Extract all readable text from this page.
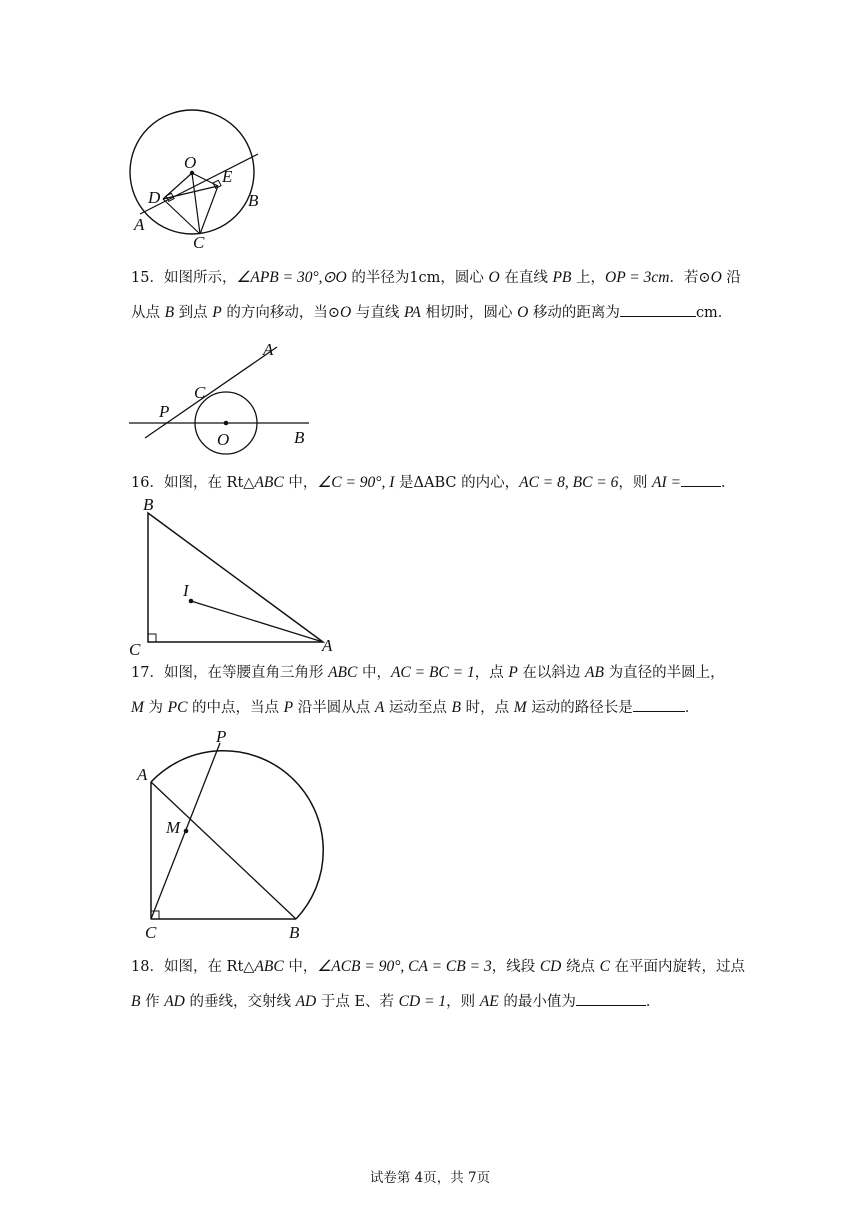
O
E
D	B
A
C
15．如图所示，∠APB = 30°,⊙O 的半径为1cm，圆心 O 在直线 PB 上，OP = 3cm．若⊙O 沿
从点 B 到点 P 的方向移动，当⊙O 与直线 PA 相切时，圆心 O 移动的距离为	cm．
A
C
P
O	B
16．如图，在 Rt△ABC 中，∠C = 90°, I 是ΔABC 的内心，AC = 8, BC = 6，则 AI =	．
B
I
C	A
17．如图，在等腰直角三角形 ABC 中，AC = BC = 1，点 P 在以斜边 AB 为直径的半圆上，
M 为 PC 的中点，当点 P 沿半圆从点 A 运动至点 B 时，点 M 运动的路径长是	．
P
A
M
C	B
18．如图，在 Rt△ABC 中，∠ACB = 90°, CA = CB = 3，线段 CD 绕点 C 在平面内旋转，过点
B 作 AD 的垂线，交射线 AD 于点 E、若 CD = 1，则 AE 的最小值为	．
试卷第 4页，共 7页
